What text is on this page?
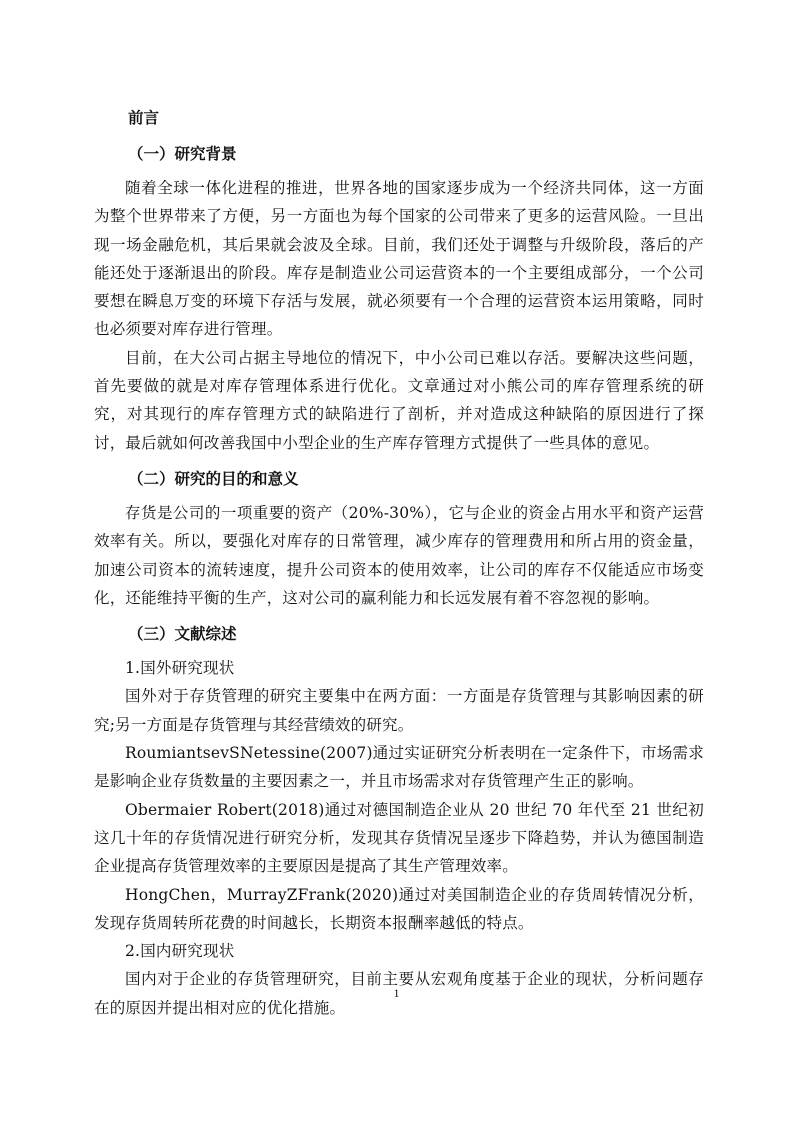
前言
（一）研究背景

随着全球一体化进程的推进，世界各地的国家逐步成为一个经济共同体，这一方面为整个世界带来了方便，另一方面也为每个国家的公司带来了更多的运营风险。一旦出现一场金融危机，其后果就会波及全球。目前，我们还处于调整与升级阶段，落后的产能还处于逐渐退出的阶段。库存是制造业公司运营资本的一个主要组成部分，一个公司要想在瞬息万变的环境下存活与发展，就必须要有一个合理的运营资本运用策略，同时也必须要对库存进行管理。

目前，在大公司占据主导地位的情况下，中小公司已难以存活。要解决这些问题，首先要做的就是对库存管理体系进行优化。文章通过对小熊公司的库存管理系统的研究，对其现行的库存管理方式的缺陷进行了剖析，并对造成这种缺陷的原因进行了探讨，最后就如何改善我国中小型企业的生产库存管理方式提供了一些具体的意见。

（二）研究的目的和意义

存货是公司的一项重要的资产（20%-30%），它与企业的资金占用水平和资产运营效率有关。所以，要强化对库存的日常管理，减少库存的管理费用和所占用的资金量，加速公司资本的流转速度，提升公司资本的使用效率，让公司的库存不仅能适应市场变化，还能维持平衡的生产，这对公司的赢利能力和长远发展有着不容忽视的影响。

（三）文献综述
1.国外研究现状

国外对于存货管理的研究主要集中在两方面：一方面是存货管理与其影响因素的研究;另一方面是存货管理与其经营绩效的研究。

RoumiantsevSNetessine(2007)通过实证研究分析表明在一定条件下，市场需求是影响企业存货数量的主要因素之一，并且市场需求对存货管理产生正的影响。

Obermaier Robert(2018)通过对德国制造企业从 20 世纪 70 年代至 21 世纪初这几十年的存货情况进行研究分析，发现其存货情况呈逐步下降趋势，并认为德国制造企业提高存货管理效率的主要原因是提高了其生产管理效率。

HongChen，MurrayZFrank(2020)通过对美国制造企业的存货周转情况分析，发现存货周转所花费的时间越长，长期资本报酬率越低的特点。

2.国内研究现状

国内对于企业的存货管理研究，目前主要从宏观角度基于企业的现状，分析问题存在的原因并提出相对应的优化措施。

1
